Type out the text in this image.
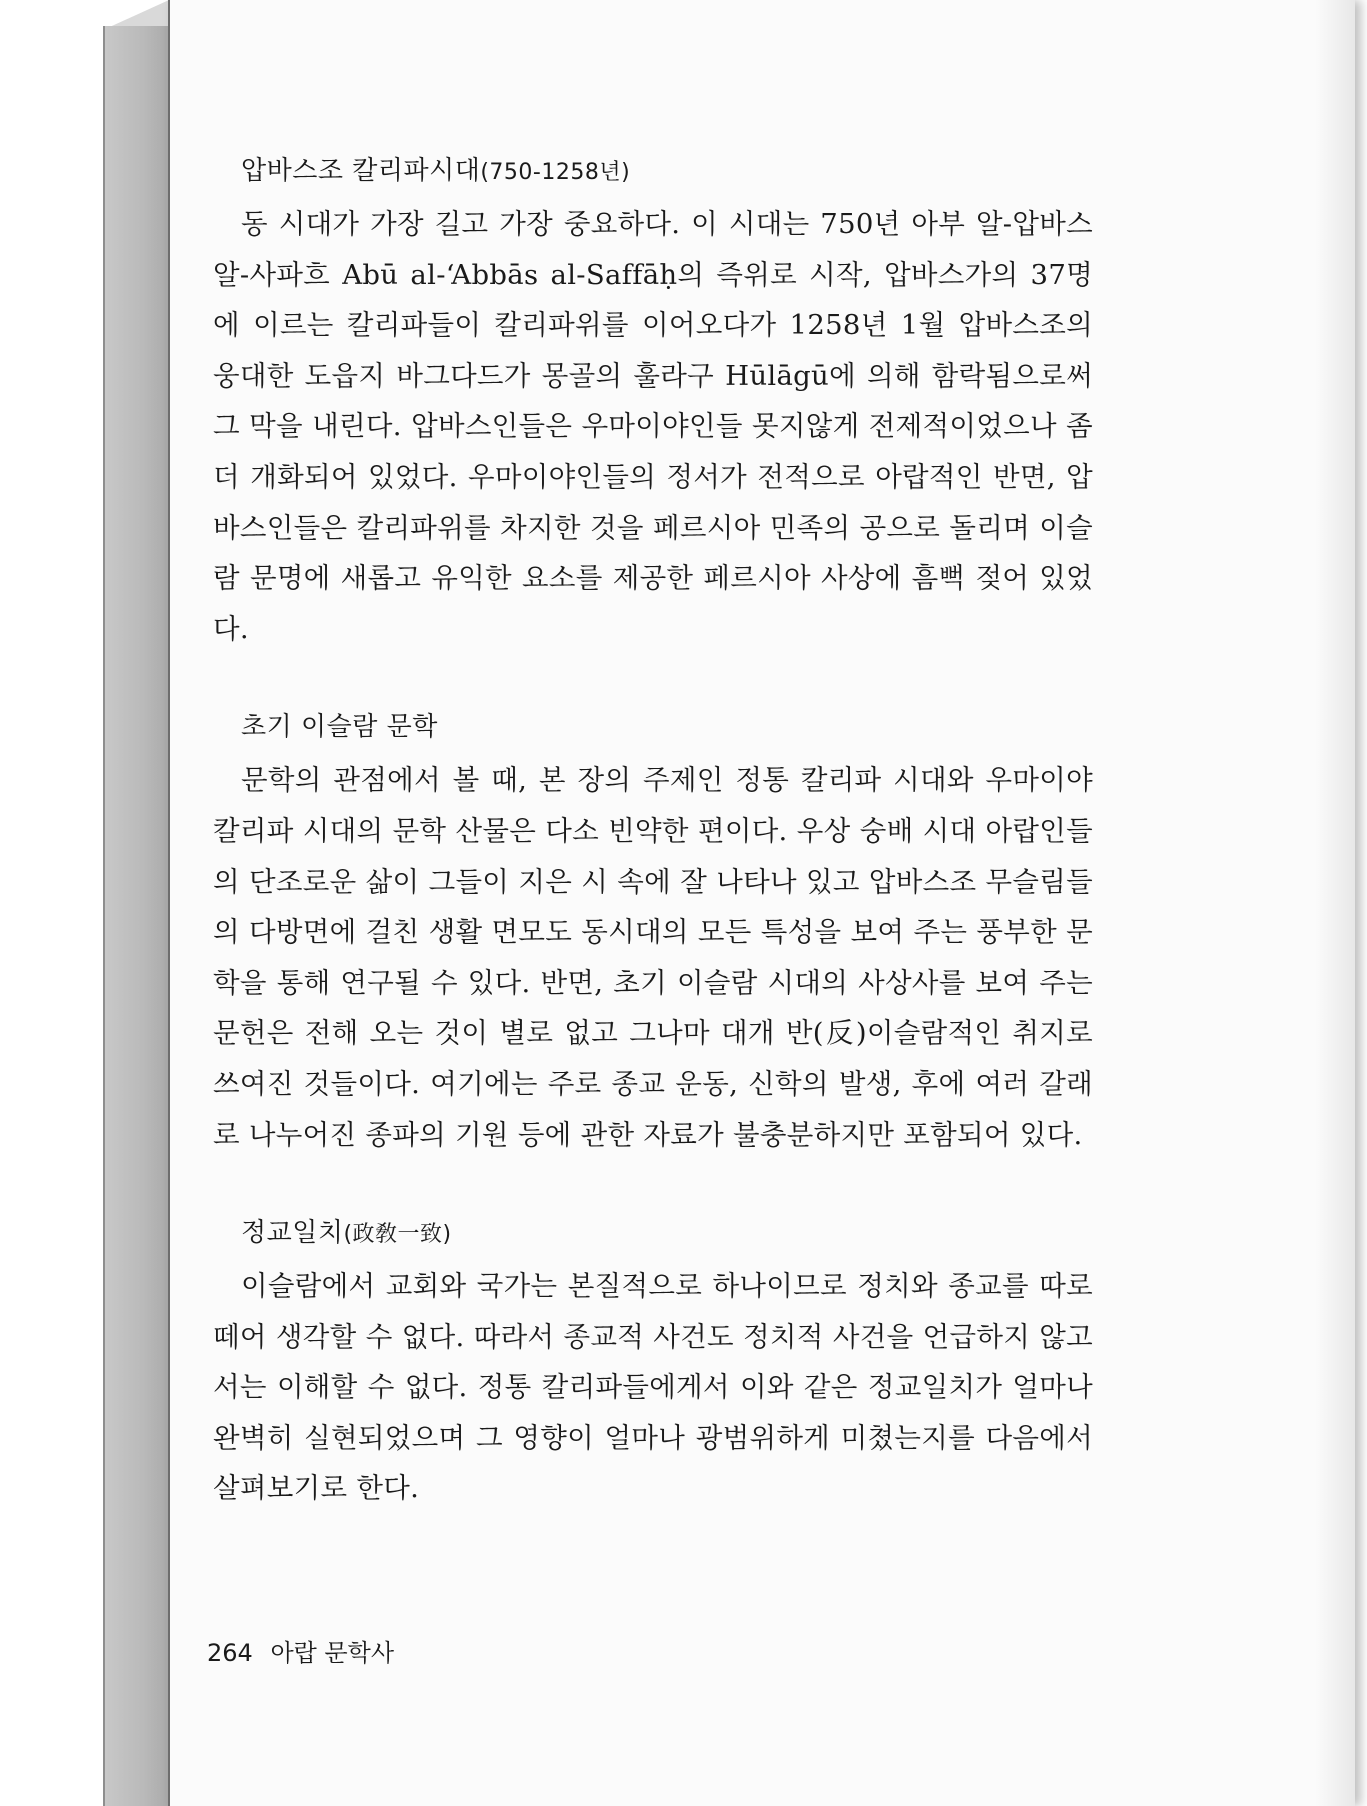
압바스조 칼리파시대(750-1258년)

동 시대가 가장 길고 가장 중요하다. 이 시대는 750년 아부 알-압바스 알-사파흐 Abū al-‘Abbās al-Saffāḥ의 즉위로 시작, 압바스가의 37명에 이르는 칼리파들이 칼리파위를 이어오다가 1258년 1월 압바스조의 웅대한 도읍지 바그다드가 몽골의 훌라구 Hūlāgū에 의해 함락됨으로써 그 막을 내린다. 압바스인들은 우마이야인들 못지않게 전제적이었으나 좀더 개화되어 있었다. 우마이야인들의 정서가 전적으로 아랍적인 반면, 압바스인들은 칼리파위를 차지한 것을 페르시아 민족의 공으로 돌리며 이슬람 문명에 새롭고 유익한 요소를 제공한 페르시아 사상에 흠뻑 젖어 있었다.

초기 이슬람 문학

문학의 관점에서 볼 때, 본 장의 주제인 정통 칼리파 시대와 우마이야 칼리파 시대의 문학 산물은 다소 빈약한 편이다. 우상 숭배 시대 아랍인들의 단조로운 삶이 그들이 지은 시 속에 잘 나타나 있고 압바스조 무슬림들의 다방면에 걸친 생활 면모도 동시대의 모든 특성을 보여 주는 풍부한 문학을 통해 연구될 수 있다. 반면, 초기 이슬람 시대의 사상사를 보여 주는 문헌은 전해 오는 것이 별로 없고 그나마 대개 반(反)이슬람적인 취지로 쓰여진 것들이다. 여기에는 주로 종교 운동, 신학의 발생, 후에 여러 갈래로 나누어진 종파의 기원 등에 관한 자료가 불충분하지만 포함되어 있다.

정교일치(政敎一致)

이슬람에서 교회와 국가는 본질적으로 하나이므로 정치와 종교를 따로 떼어 생각할 수 없다. 따라서 종교적 사건도 정치적 사건을 언급하지 않고서는 이해할 수 없다. 정통 칼리파들에게서 이와 같은 정교일치가 얼마나 완벽히 실현되었으며 그 영향이 얼마나 광범위하게 미쳤는지를 다음에서 살펴보기로 한다.

264 아랍 문학사
